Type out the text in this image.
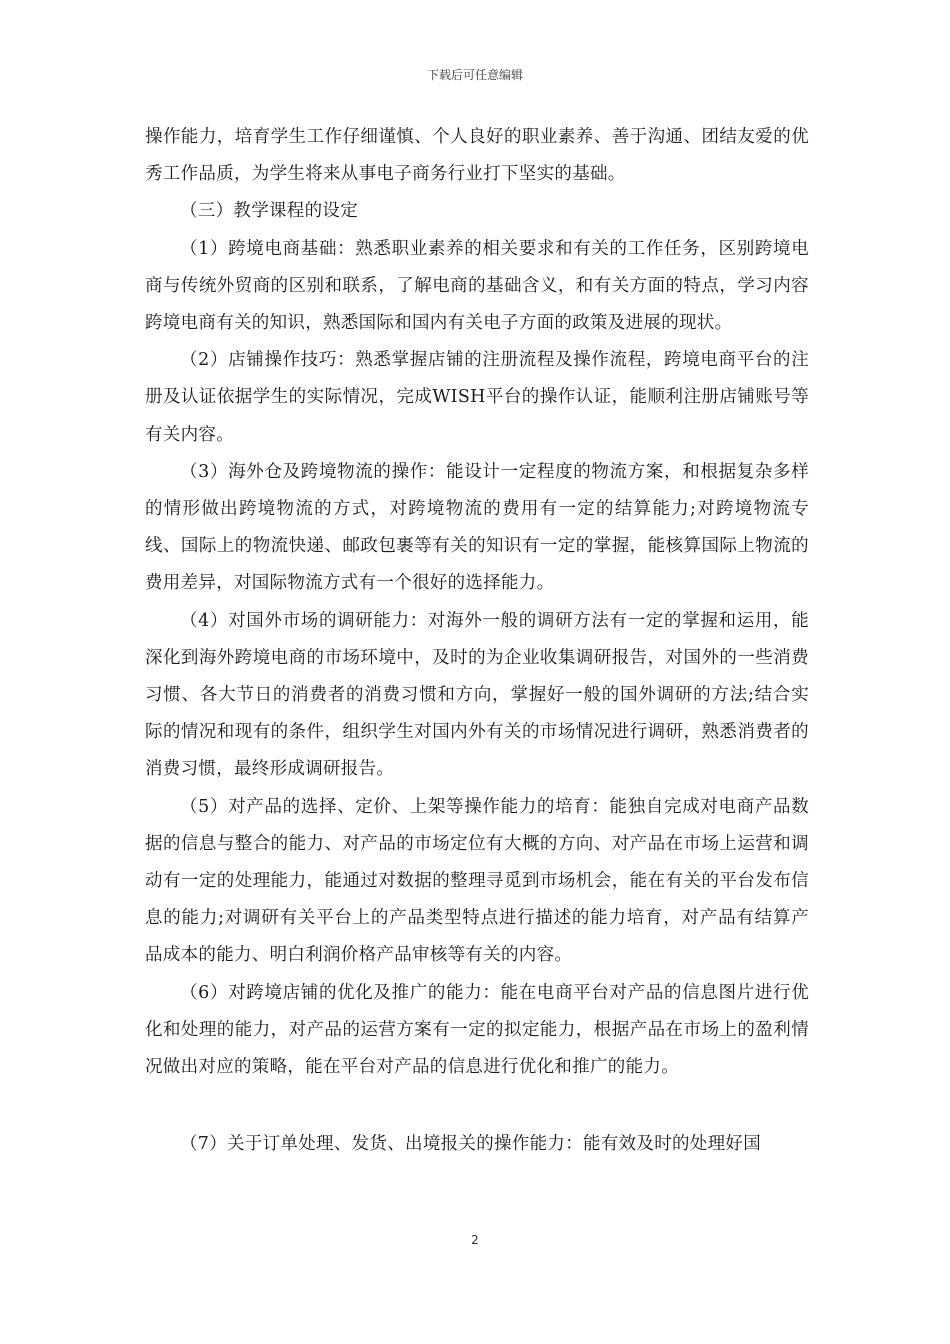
下载后可任意编辑

操作能力，培育学生工作仔细谨慎、个人良好的职业素养、善于沟通、团结友爱的优秀工作品质，为学生将来从事电子商务行业打下坚实的基础。

（三）教学课程的设定

（1）跨境电商基础：熟悉职业素养的相关要求和有关的工作任务，区别跨境电商与传统外贸商的区别和联系，了解电商的基础含义，和有关方面的特点，学习内容跨境电商有关的知识，熟悉国际和国内有关电子方面的政策及进展的现状。

（2）店铺操作技巧：熟悉掌握店铺的注册流程及操作流程，跨境电商平台的注册及认证依据学生的实际情况，完成WISH平台的操作认证，能顺利注册店铺账号等有关内容。

（3）海外仓及跨境物流的操作：能设计一定程度的物流方案，和根据复杂多样的情形做出跨境物流的方式，对跨境物流的费用有一定的结算能力;对跨境物流专线、国际上的物流快递、邮政包裹等有关的知识有一定的掌握，能核算国际上物流的费用差异，对国际物流方式有一个很好的选择能力。

（4）对国外市场的调研能力：对海外一般的调研方法有一定的掌握和运用，能深化到海外跨境电商的市场环境中，及时的为企业收集调研报告，对国外的一些消费习惯、各大节日的消费者的消费习惯和方向，掌握好一般的国外调研的方法;结合实际的情况和现有的条件，组织学生对国内外有关的市场情况进行调研，熟悉消费者的消费习惯，最终形成调研报告。

（5）对产品的选择、定价、上架等操作能力的培育：能独自完成对电商产品数据的信息与整合的能力、对产品的市场定位有大概的方向、对产品在市场上运营和调动有一定的处理能力，能通过对数据的整理寻觅到市场机会，能在有关的平台发布信息的能力;对调研有关平台上的产品类型特点进行描述的能力培育，对产品有结算产品成本的能力、明白利润价格产品审核等有关的内容。

（6）对跨境店铺的优化及推广的能力：能在电商平台对产品的信息图片进行优化和处理的能力，对产品的运营方案有一定的拟定能力，根据产品在市场上的盈利情况做出对应的策略，能在平台对产品的信息进行优化和推广的能力。

（7）关于订单处理、发货、出境报关的操作能力：能有效及时的处理好国

2
